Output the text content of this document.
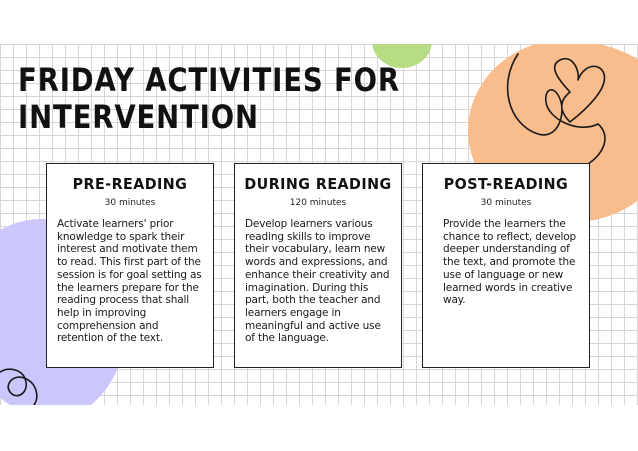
FRIDAY ACTIVITIES FOR
INTERVENTION
PRE-READING
30 minutes
Activate learners' prior knowledge to spark their interest and motivate them to read. This first part of the session is for goal setting as the learners prepare for the reading process that shall help in improving comprehension and retention of the text.
DURING READING
120 minutes
Develop learners various reading skills to improve their vocabulary, learn new words and expressions, and enhance their creativity and imagination. During this part, both the teacher and learners engage in meaningful and active use of the language.
POST-READING
30 minutes
Provide the learners the chance to reflect, develop deeper understanding of the text, and promote the use of language or new learned words in creative way.
